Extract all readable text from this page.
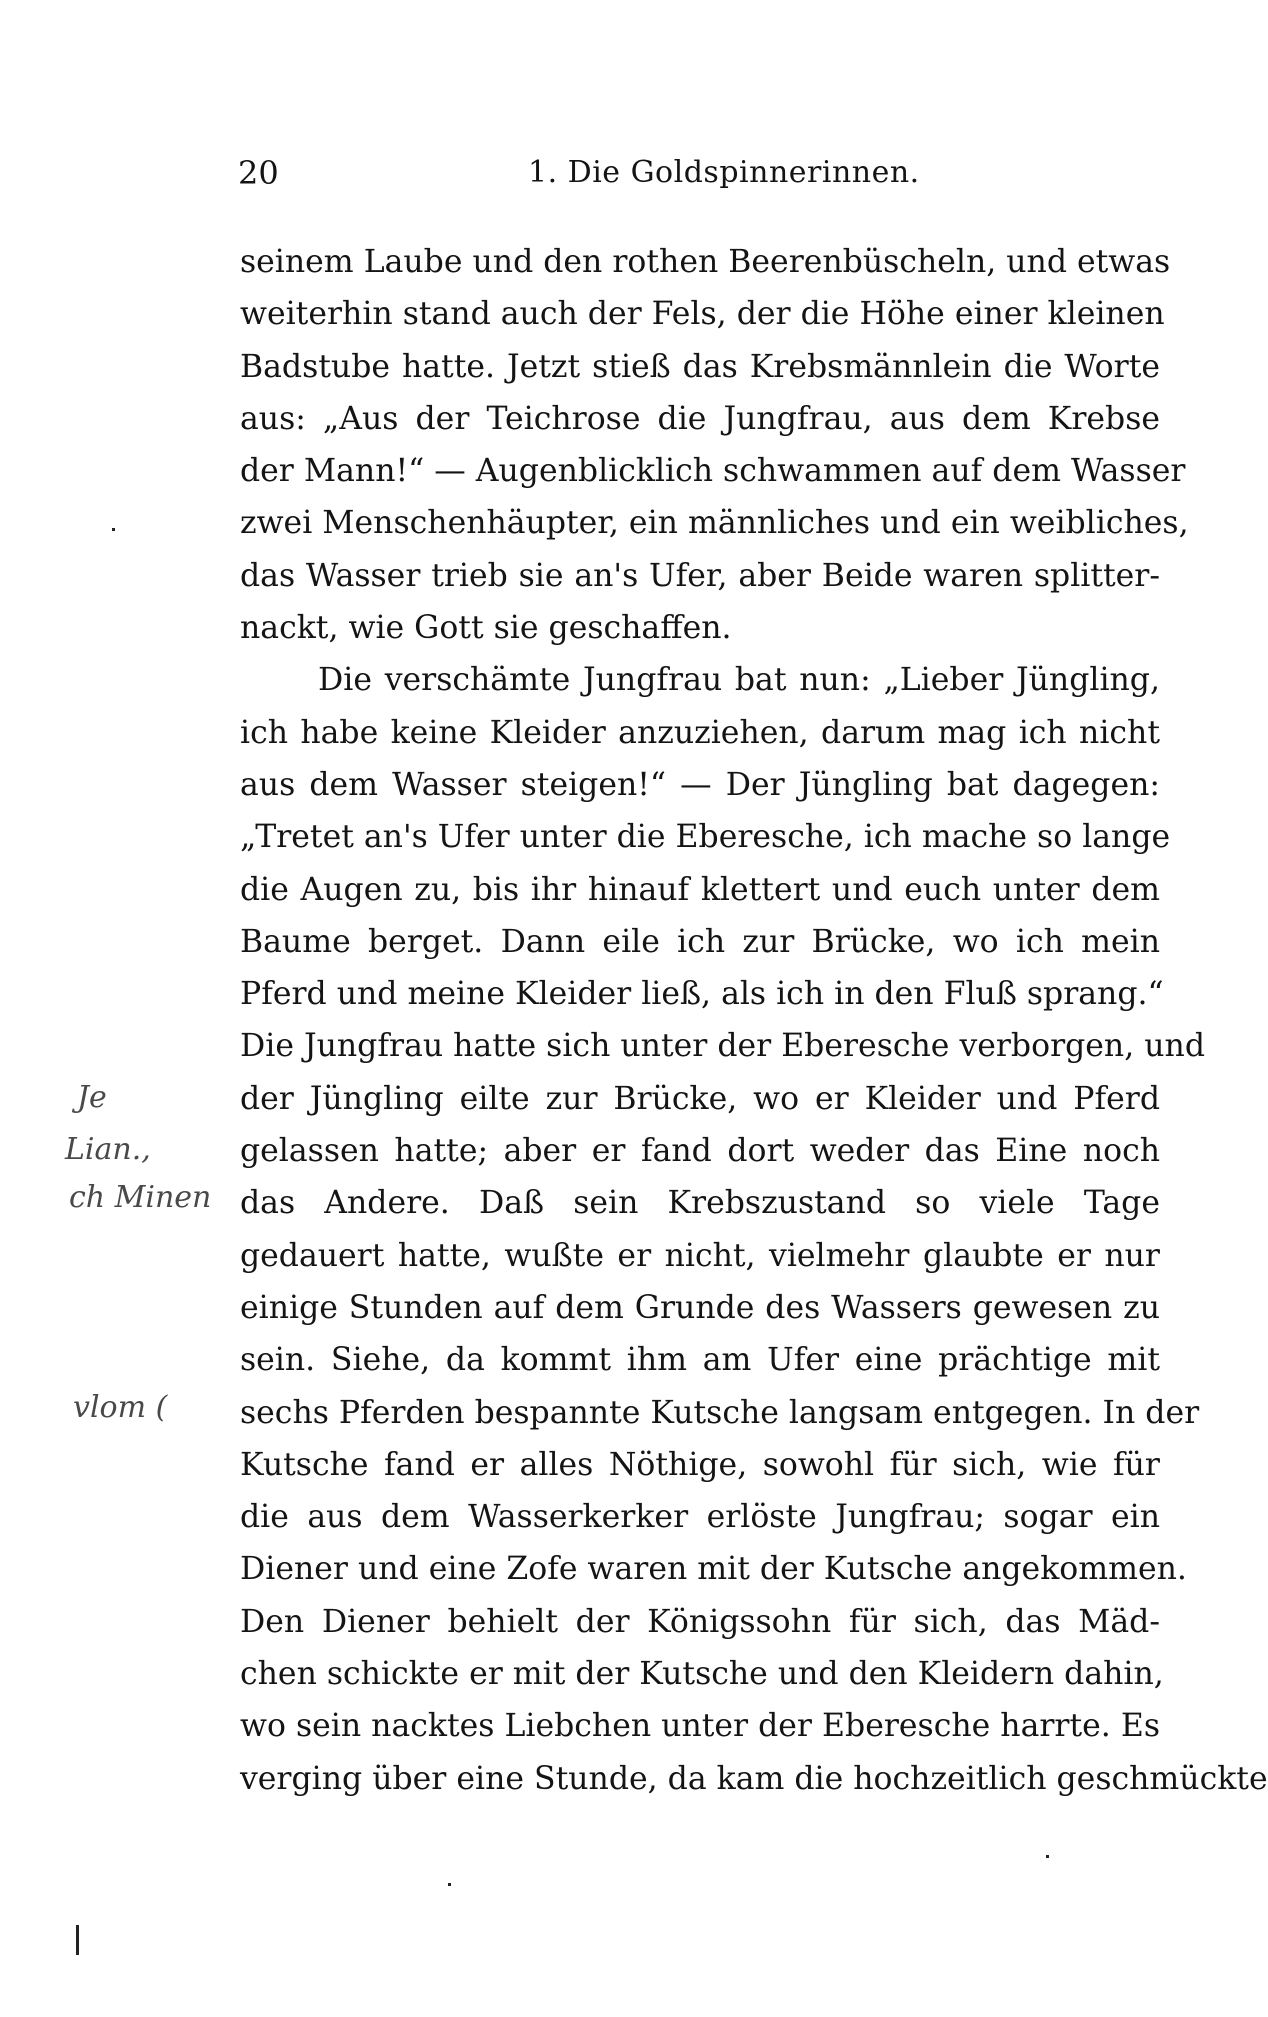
20	1. Die Goldspinnerinnen.
seinem Laube und den rothen Beerenbüscheln, und etwas
weiterhin stand auch der Fels, der die Höhe einer kleinen
Badstube hatte. Jetzt stieß das Krebsmännlein die Worte
aus: „Aus der Teichrose die Jungfrau, aus dem Krebse
der Mann!“ — Augenblicklich schwammen auf dem Wasser
zwei Menschenhäupter, ein männliches und ein weibliches,
das Wasser trieb sie an's Ufer, aber Beide waren splitter-
nackt, wie Gott sie geschaffen.
Die verschämte Jungfrau bat nun: „Lieber Jüngling,
ich habe keine Kleider anzuziehen, darum mag ich nicht
aus dem Wasser steigen!“ — Der Jüngling bat dagegen:
„Tretet an's Ufer unter die Eberesche, ich mache so lange
die Augen zu, bis ihr hinauf klettert und euch unter dem
Baume berget. Dann eile ich zur Brücke, wo ich mein
Pferd und meine Kleider ließ, als ich in den Fluß sprang.“
Die Jungfrau hatte sich unter der Eberesche verborgen, und
der Jüngling eilte zur Brücke, wo er Kleider und Pferd
gelassen hatte; aber er fand dort weder das Eine noch
das Andere. Daß sein Krebszustand so viele Tage
gedauert hatte, wußte er nicht, vielmehr glaubte er nur
einige Stunden auf dem Grunde des Wassers gewesen zu
sein. Siehe, da kommt ihm am Ufer eine prächtige mit
sechs Pferden bespannte Kutsche langsam entgegen. In der
Kutsche fand er alles Nöthige, sowohl für sich, wie für
die aus dem Wasserkerker erlöste Jungfrau; sogar ein
Diener und eine Zofe waren mit der Kutsche angekommen.
Den Diener behielt der Königssohn für sich, das Mäd-
chen schickte er mit der Kutsche und den Kleidern dahin,
wo sein nacktes Liebchen unter der Eberesche harrte. Es
verging über eine Stunde, da kam die hochzeitlich geschmückte
Je
Lian.,
ch Minen
vlom (
